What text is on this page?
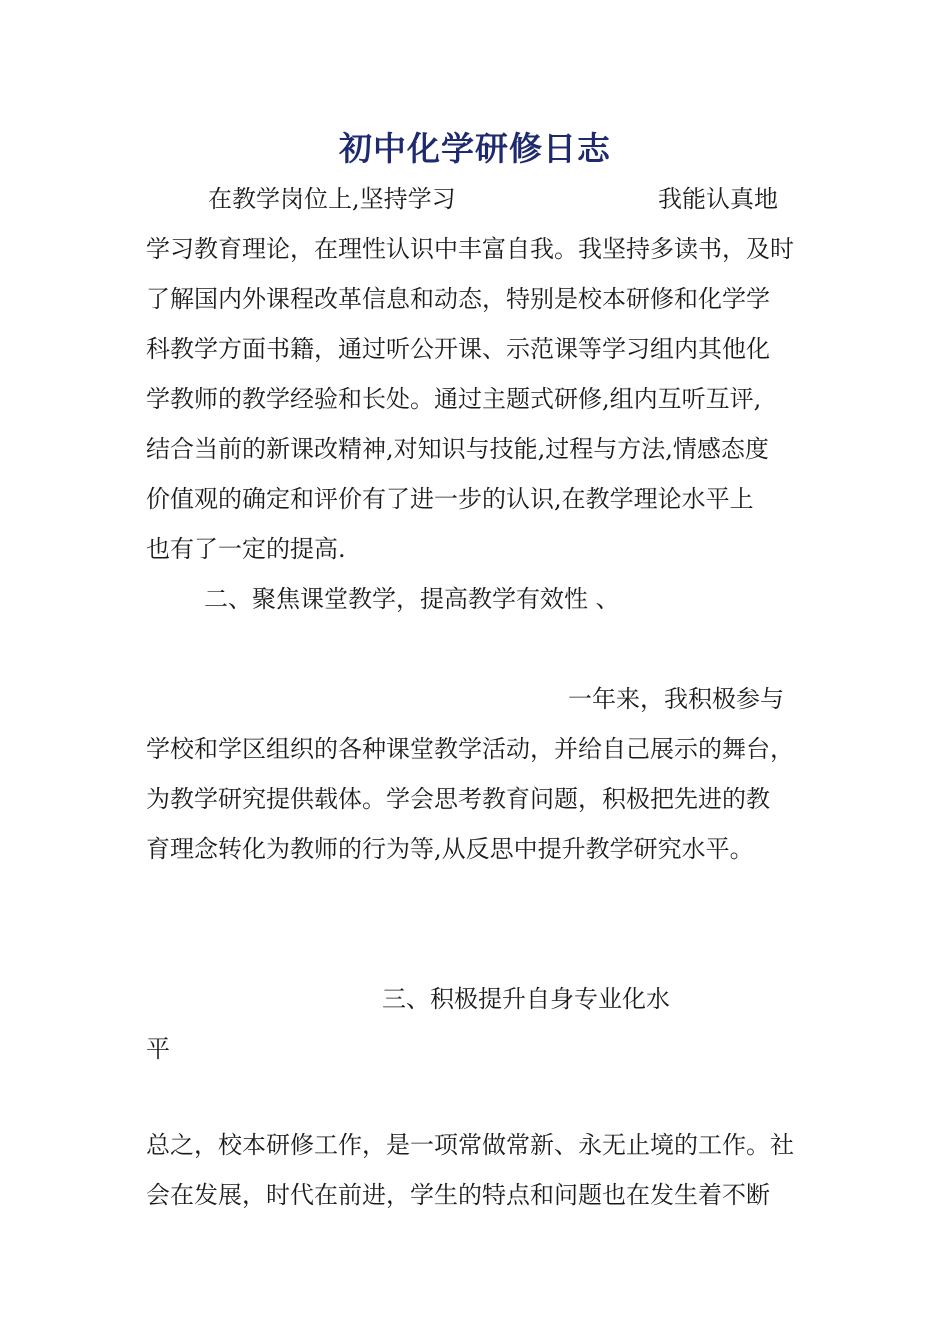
初中化学研修日志
在教学岗位上,坚持学习	我能认真地
学习教育理论，在理性认识中丰富自我。我坚持多读书，及时
了解国内外课程改革信息和动态，特别是校本研修和化学学
科教学方面书籍，通过听公开课、示范课等学习组内其他化
学教师的教学经验和长处。通过主题式研修,组内互听互评,
结合当前的新课改精神,对知识与技能,过程与方法,情感态度
价值观的确定和评价有了进一步的认识,在教学理论水平上
也有了一定的提高.
二、聚焦课堂教学，提高教学有效性 、
一年来，我积极参与
学校和学区组织的各种课堂教学活动，并给自己展示的舞台，
为教学研究提供载体。学会思考教育问题，积极把先进的教
育理念转化为教师的行为等,从反思中提升教学研究水平。
三、积极提升自身专业化水
平
总之，校本研修工作，是一项常做常新、永无止境的工作。社
会在发展，时代在前进，学生的特点和问题也在发生着不断
